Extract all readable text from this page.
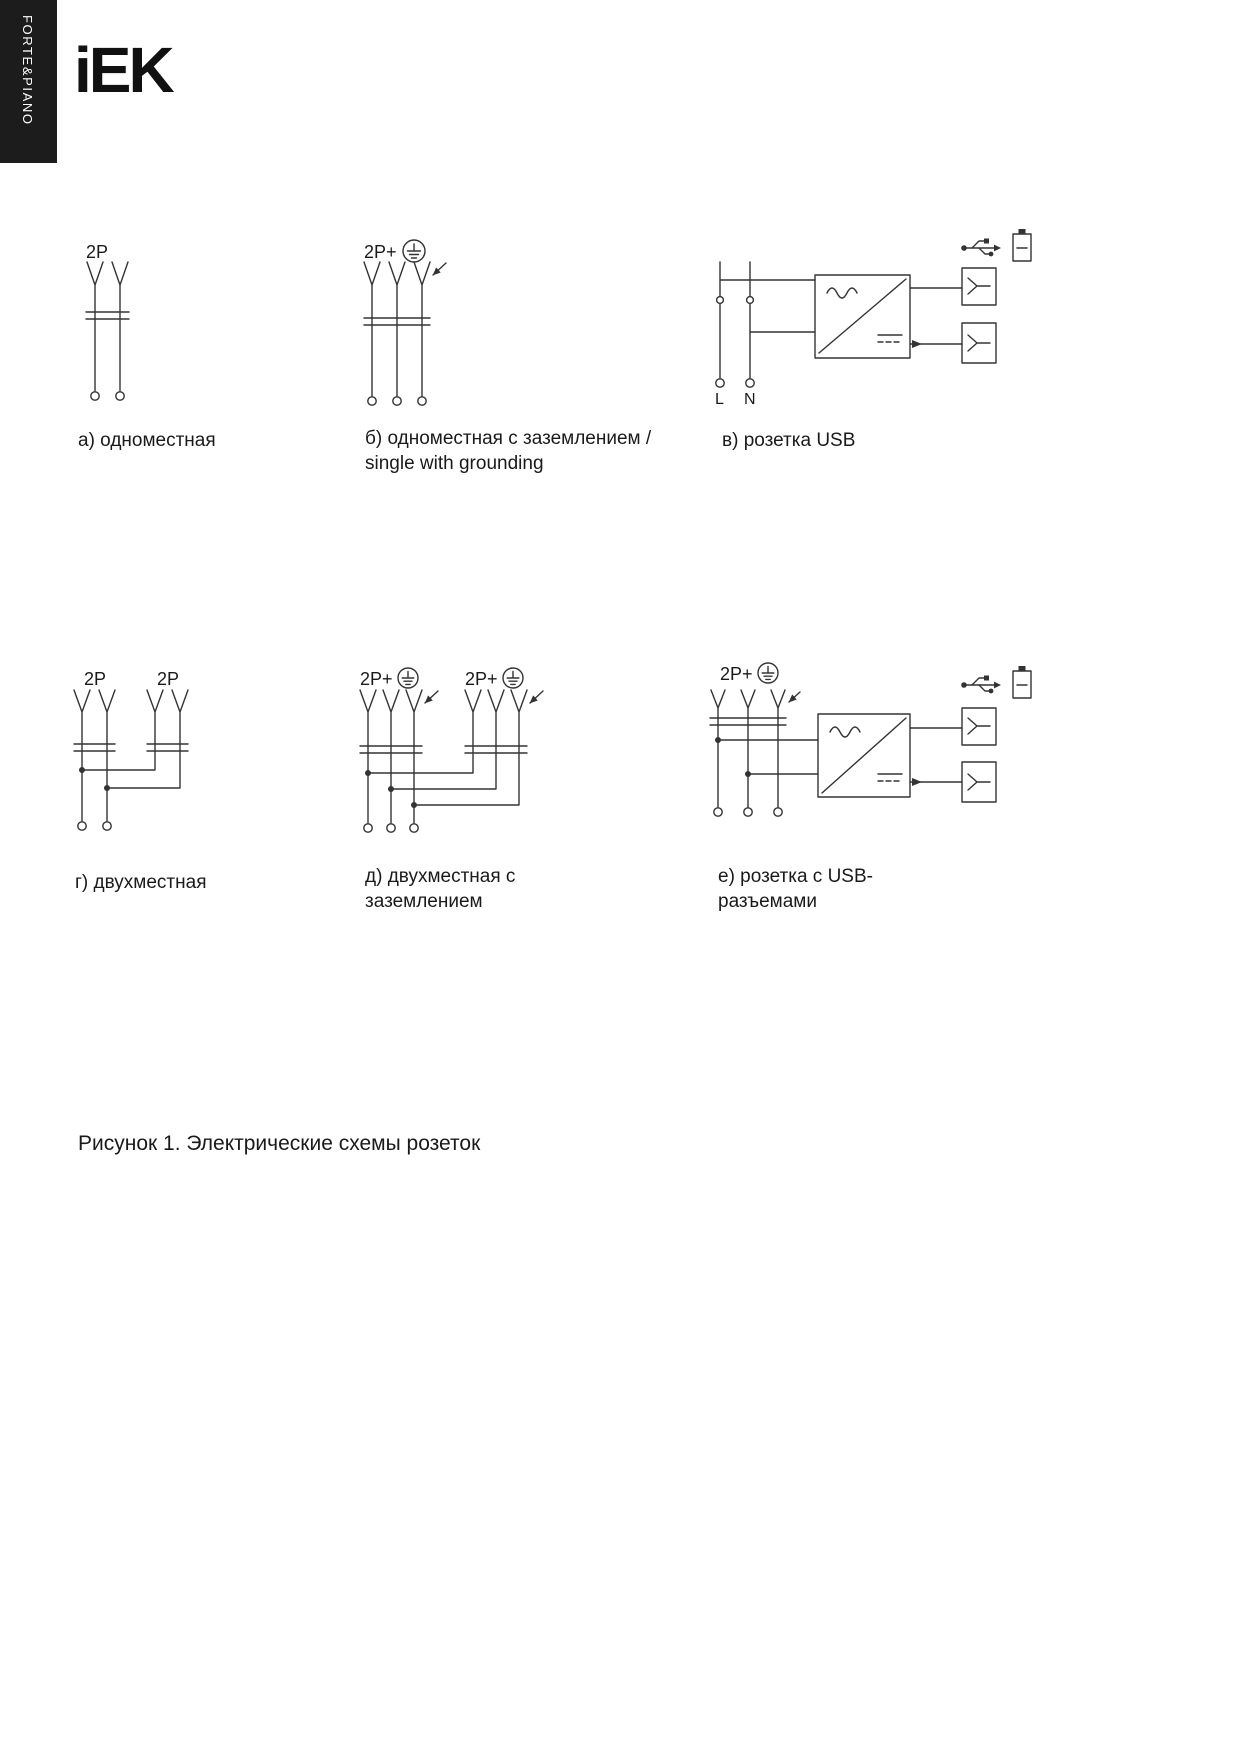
FORTE&PIANO iEK
2P	2P+
L N
2P	2P	2P+	2P+	2P+
а) одноместная	б) одноместная с заземлением /
single with grounding
в) розетка USB
г) двухместная	д) двухместная с
заземлением
е) розетка с USB-
разъемами
Рисунок 1. Электрические схемы розеток
